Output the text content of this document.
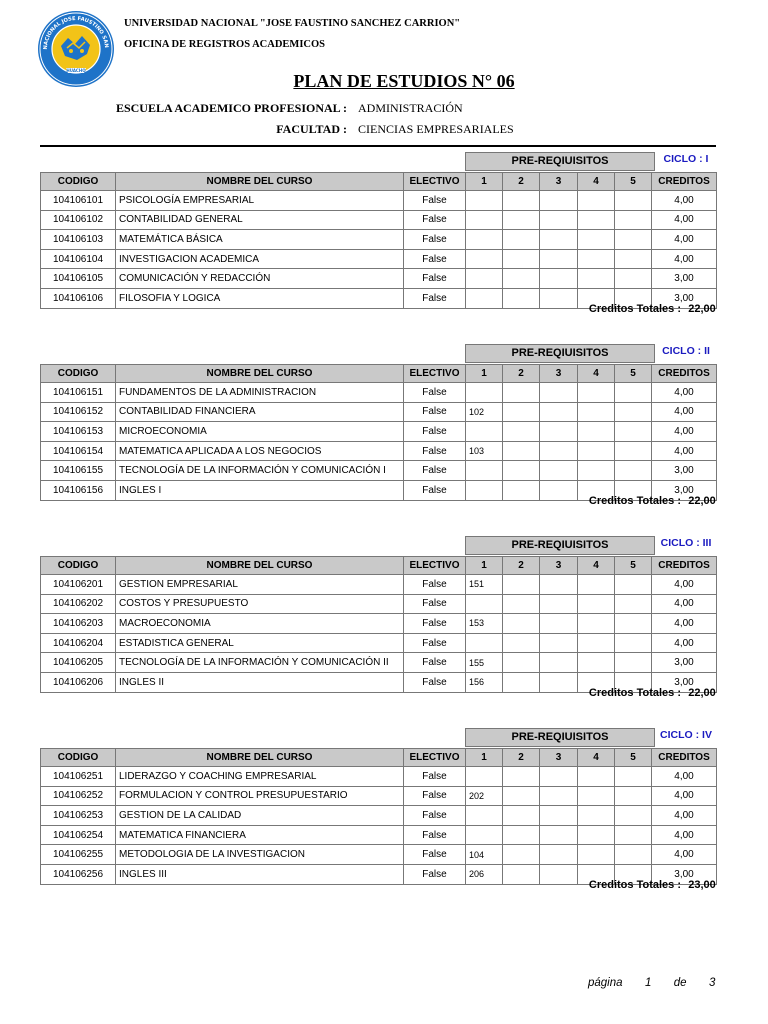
NACIONAL JOSE FAUSTINO SAN
HUACHO
UNIVERSIDAD NACIONAL "JOSE FAUSTINO SANCHEZ CARRION"
OFICINA DE REGISTROS ACADEMICOS
PLAN DE ESTUDIOS N° 06
ESCUELA ACADEMICO PROFESIONAL : ADMINISTRACIÓN
FACULTAD : CIENCIAS EMPRESARIALES
PRE-REQIUISITOS	CICLO : I
CODIGO	NOMBRE DEL CURSO	ELECTIVO	1	2	3	4	5	CREDITOS
104106101	PSICOLOGÍA EMPRESARIAL	False						4,00
104106102	CONTABILIDAD GENERAL	False						4,00
104106103	MATEMÁTICA BÁSICA	False						4,00
104106104	INVESTIGACION ACADEMICA	False						4,00
104106105	COMUNICACIÓN Y REDACCIÓN	False						3,00
104106106	FILOSOFIA Y LOGICA	False						3,00
Creditos Totales : 22,00
PRE-REQIUISITOS	CICLO : II
CODIGO	NOMBRE DEL CURSO	ELECTIVO	1	2	3	4	5	CREDITOS
104106151	FUNDAMENTOS DE LA ADMINISTRACION	False						4,00
104106152	CONTABILIDAD FINANCIERA	False	102					4,00
104106153	MICROECONOMIA	False						4,00
104106154	MATEMATICA APLICADA A LOS NEGOCIOS	False	103					4,00
104106155	TECNOLOGÍA DE LA INFORMACIÓN Y COMUNICACIÓN I	False						3,00
104106156	INGLES I	False						3,00
Creditos Totales : 22,00
PRE-REQIUISITOS	CICLO : III
CODIGO	NOMBRE DEL CURSO	ELECTIVO	1	2	3	4	5	CREDITOS
104106201	GESTION EMPRESARIAL	False	151					4,00
104106202	COSTOS Y PRESUPUESTO	False						4,00
104106203	MACROECONOMIA	False	153					4,00
104106204	ESTADISTICA GENERAL	False						4,00
104106205	TECNOLOGÍA DE LA INFORMACIÓN Y COMUNICACIÓN II	False	155					3,00
104106206	INGLES II	False	156					3,00
Creditos Totales : 22,00
PRE-REQIUISITOS	CICLO : IV
CODIGO	NOMBRE DEL CURSO	ELECTIVO	1	2	3	4	5	CREDITOS
104106251	LIDERAZGO Y COACHING EMPRESARIAL	False						4,00
104106252	FORMULACION Y CONTROL PRESUPUESTARIO	False	202					4,00
104106253	GESTION DE LA CALIDAD	False						4,00
104106254	MATEMATICA FINANCIERA	False						4,00
104106255	METODOLOGIA DE LA INVESTIGACION	False	104					4,00
104106256	INGLES III	False	206					3,00
Creditos Totales : 23,00
página 1 de 3
